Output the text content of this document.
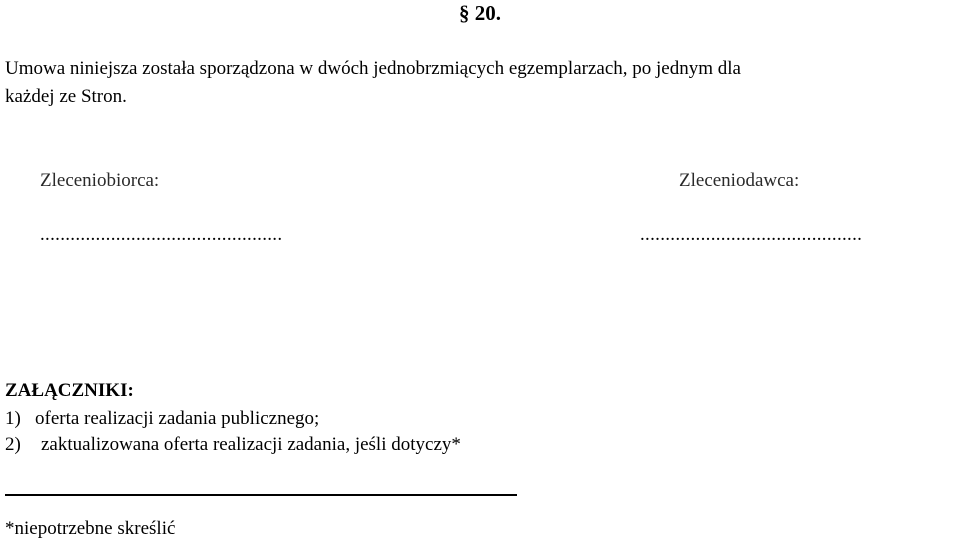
§ 20.
Umowa niniejsza została sporządzona w dwóch jednobrzmiących egzemplarzach, po jednym dla
każdej ze Stron.
Zleceniobiorca:	Zleceniodawca:
................................................	............................................
ZAŁĄCZNIKI:
1) oferta realizacji zadania publicznego;
2) zaktualizowana oferta realizacji zadania, jeśli dotyczy*
*niepotrzebne skreślić
